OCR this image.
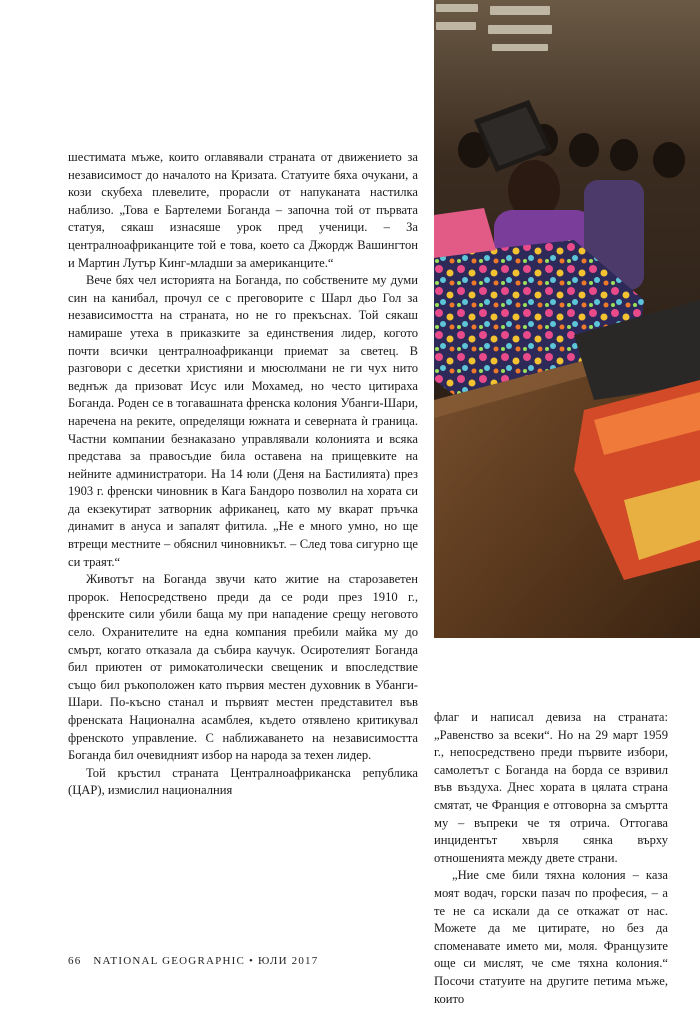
шестимата мъже, които оглавявали страната от движението за независимост до началото на Кризата. Статуите бяха очукани, а кози скубеха плевелите, прорасли от напуканата настилка наблизо. „Това е Бартелеми Боганда – започна той от първата статуя, сякаш изнасяше урок пред ученици. – За централноафриканците той е това, което са Джордж Вашингтон и Мартин Лутър Кинг-младши за американците.“

Вече бях чел историята на Боганда, по собствените му думи син на канибал, прочул се с преговорите с Шарл дьо Гол за независимостта на страната, но не го прекъснах. Той сякаш намираше утеха в приказките за единствения лидер, когото почти всички централноафриканци приемат за светец. В разговори с десетки християни и мюсюлмани не ги чух нито веднъж да призоват Исус или Мохамед, но често цитираха Боганда. Роден се в тогавашната френска колония Убанги-Шари, наречена на реките, определящи южната и северната ѝ граница. Частни компании безнаказано управлявали колонията и всяка представа за правосъдие била оставена на прищевките на нейните администратори. На 14 юли (Деня на Бастилията) през 1903 г. френски чиновник в Кага Бандоро позволил на хората си да екзекутират затворник африканец, като му вкарат пръчка динамит в ануса и запалят фитила. „Не е много умно, но ще втрещи местните – обяснил чиновникът. – След това сигурно ще си траят.“

Животът на Боганда звучи като житие на старозаветен пророк. Непосредствено преди да се роди през 1910 г., френските сили убили баща му при нападение срещу неговото село. Охранителите на една компания пребили майка му до смърт, когато отказала да събира каучук. Осиротелият Боганда бил приютен от римокатолически свещеник и впоследствие също бил ръкоположен като първия местен духовник в Убанги-Шари. По-късно станал и първият местен представител във френската Национална асамблея, където отявлено критикувал френското управление. С наближаването на независимостта Боганда бил очевидният избор на народа за техен лидер.

Той кръстил страната Централноафриканска република (ЦАР), измислил националния

флаг и написал девиза на страната: „Равенство за всеки“. Но на 29 март 1959 г., непосредствено преди първите избори, самолетът с Боганда на борда се взривил във въздуха. Днес хората в цялата страна смятат, че Франция е отговорна за смъртта му – въпреки че тя отрича. Оттогава инцидентът хвърля сянка върху отношенията между двете страни.

„Ние сме били тяхна колония – каза моят водач, горски пазач по професия, – а те не са искали да се откажат от нас. Можете да ме цитирате, но без да споменавате името ми, моля. Французите още си мислят, че сме тяхна колония.“ Посочи статуите на другите петима мъже, които

66 NATIONAL GEOGRAPHIC • ЮЛИ 2017
